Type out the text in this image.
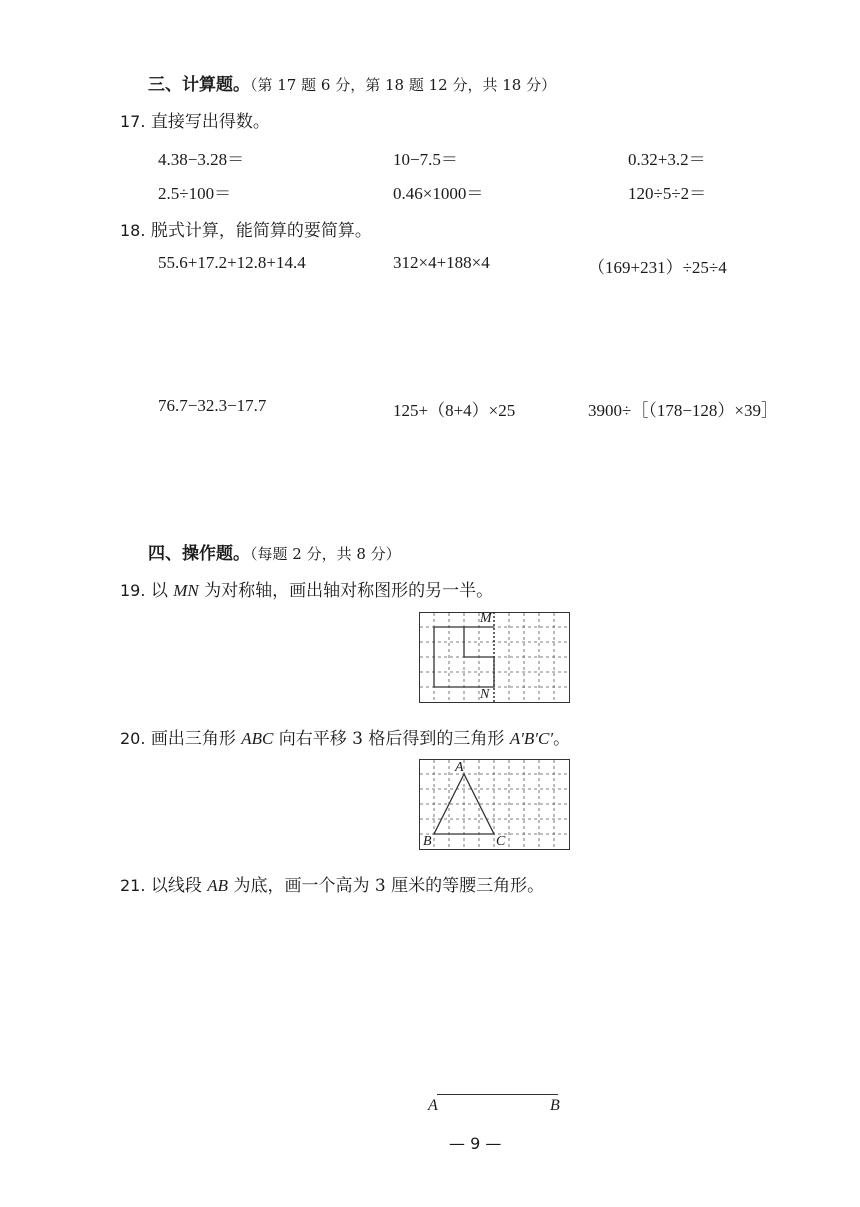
三、计算题。（第 17 题 6 分，第 18 题 12 分，共 18 分）
17. 直接写出得数。
4.38−3.28＝	10−7.5＝	0.32+3.2＝
2.5÷100＝	0.46×1000＝	120÷5÷2＝
18. 脱式计算，能简算的要简算。
55.6+17.2+12.8+14.4	312×4+188×4	（169+231）÷25÷4
76.7−32.3−17.7	125+（8+4）×25	3900÷［（178−128）×39］
四、操作题。（每题 2 分，共 8 分）
19. 以 MN 为对称轴，画出轴对称图形的另一半。
M
N
20. 画出三角形 ABC 向右平移 3 格后得到的三角形 A′B′C′。
A
B	C
21. 以线段 AB 为底，画一个高为 3 厘米的等腰三角形。
A	B
— 9 —
